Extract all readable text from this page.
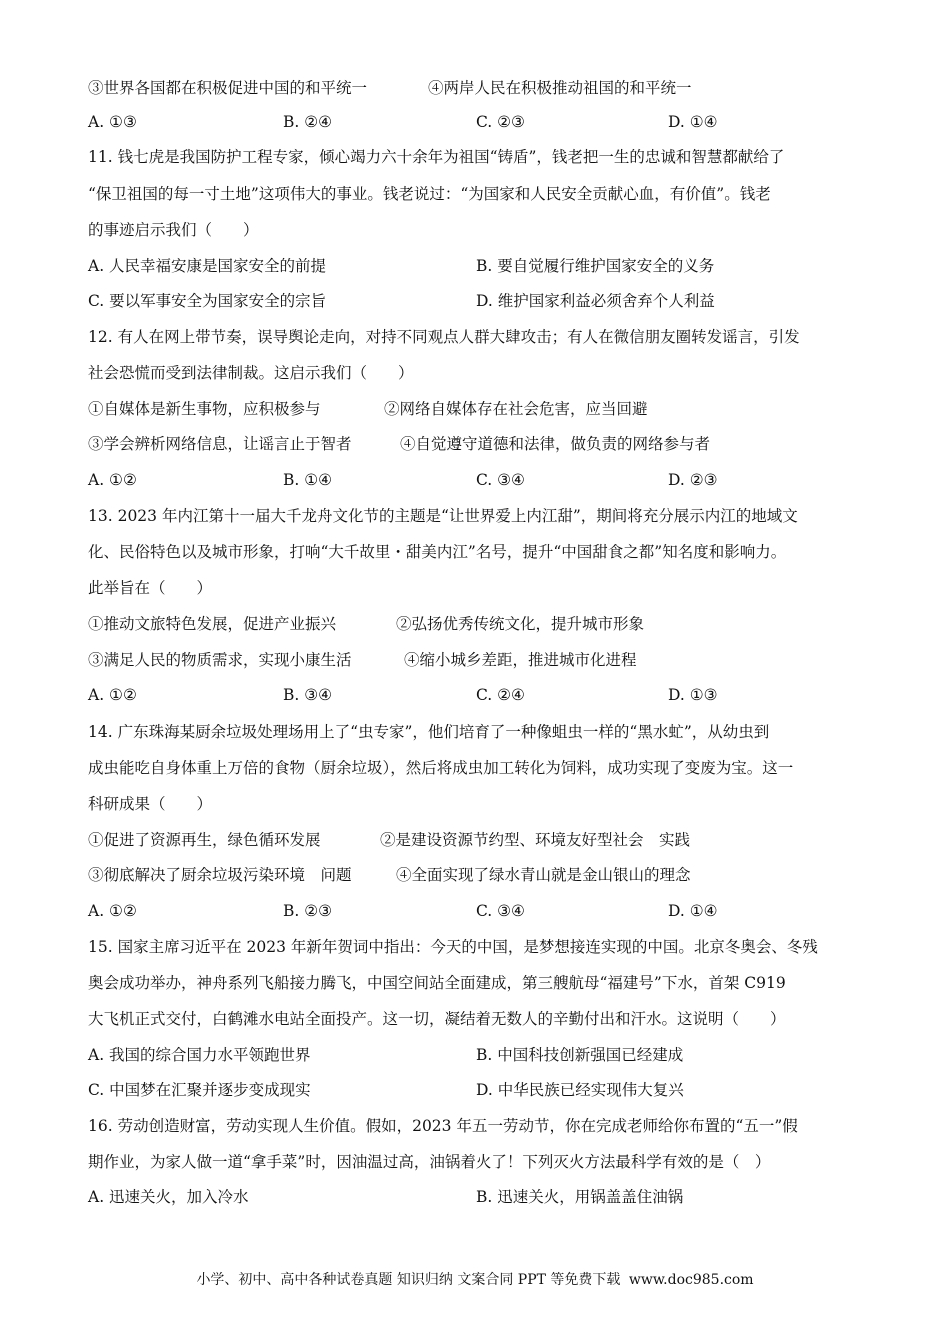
③世界各国都在积极促进中国的和平统一	④两岸人民在积极推动祖国的和平统一
A. ①③	B. ②④	C. ②③	D. ①④
11. 钱七虎是我国防护工程专家，倾心竭力六十余年为祖国“铸盾”，钱老把一生的忠诚和智慧都献给了
“保卫祖国的每一寸土地”这项伟大的事业。钱老说过：“为国家和人民安全贡献心血，有价值”。钱老
的事迹启示我们（　　）
A. 人民幸福安康是国家安全的前提	B. 要自觉履行维护国家安全的义务
C. 要以军事安全为国家安全的宗旨	D. 维护国家利益必须舍弃个人利益
12. 有人在网上带节奏，误导舆论走向，对持不同观点人群大肆攻击；有人在微信朋友圈转发谣言，引发
社会恐慌而受到法律制裁。这启示我们（　　）
①自媒体是新生事物，应积极参与	②网络自媒体存在社会危害，应当回避
③学会辨析网络信息，让谣言止于智者	④自觉遵守道德和法律，做负责的网络参与者
A. ①②	B. ①④	C. ③④	D. ②③
13. 2023 年内江第十一届大千龙舟文化节的主题是“让世界爱上内江甜”，期间将充分展示内江的地域文
化、民俗特色以及城市形象，打响“大千故里・甜美内江”名号，提升“中国甜食之都”知名度和影响力。
此举旨在（　　）
①推动文旅特色发展，促进产业振兴	②弘扬优秀传统文化，提升城市形象
③满足人民的物质需求，实现小康生活	④缩小城乡差距，推进城市化进程
A. ①②	B. ③④	C. ②④	D. ①③
14. 广东珠海某厨余垃圾处理场用上了“虫专家”，他们培育了一种像蛆虫一样的“黑水虻”，从幼虫到
成虫能吃自身体重上万倍的食物（厨余垃圾），然后将成虫加工转化为饲料，成功实现了变废为宝。这一
科研成果（　　）
①促进了资源再生，绿色循环发展	②是建设资源节约型、环境友好型社会　实践
③彻底解决了厨余垃圾污染环境　问题	④全面实现了绿水青山就是金山银山的理念
A. ①②	B. ②③	C. ③④	D. ①④
15. 国家主席习近平在 2023 年新年贺词中指出：今天的中国，是梦想接连实现的中国。北京冬奥会、冬残
奥会成功举办，神舟系列飞船接力腾飞，中国空间站全面建成，第三艘航母“福建号”下水，首架 C919
大飞机正式交付，白鹤滩水电站全面投产。这一切，凝结着无数人的辛勤付出和汗水。这说明（　　）
A. 我国的综合国力水平领跑世界	B. 中国科技创新强国已经建成
C. 中国梦在汇聚并逐步变成现实	D. 中华民族已经实现伟大复兴
16. 劳动创造财富，劳动实现人生价值。假如，2023 年五一劳动节，你在完成老师给你布置的“五一”假
期作业，为家人做一道“拿手菜”时，因油温过高，油锅着火了！下列灭火方法最科学有效的是（　）
A. 迅速关火，加入冷水	B. 迅速关火，用锅盖盖住油锅
小学、初中、高中各种试卷真题 知识归纳 文案合同 PPT 等免费下载 www.doc985.com
